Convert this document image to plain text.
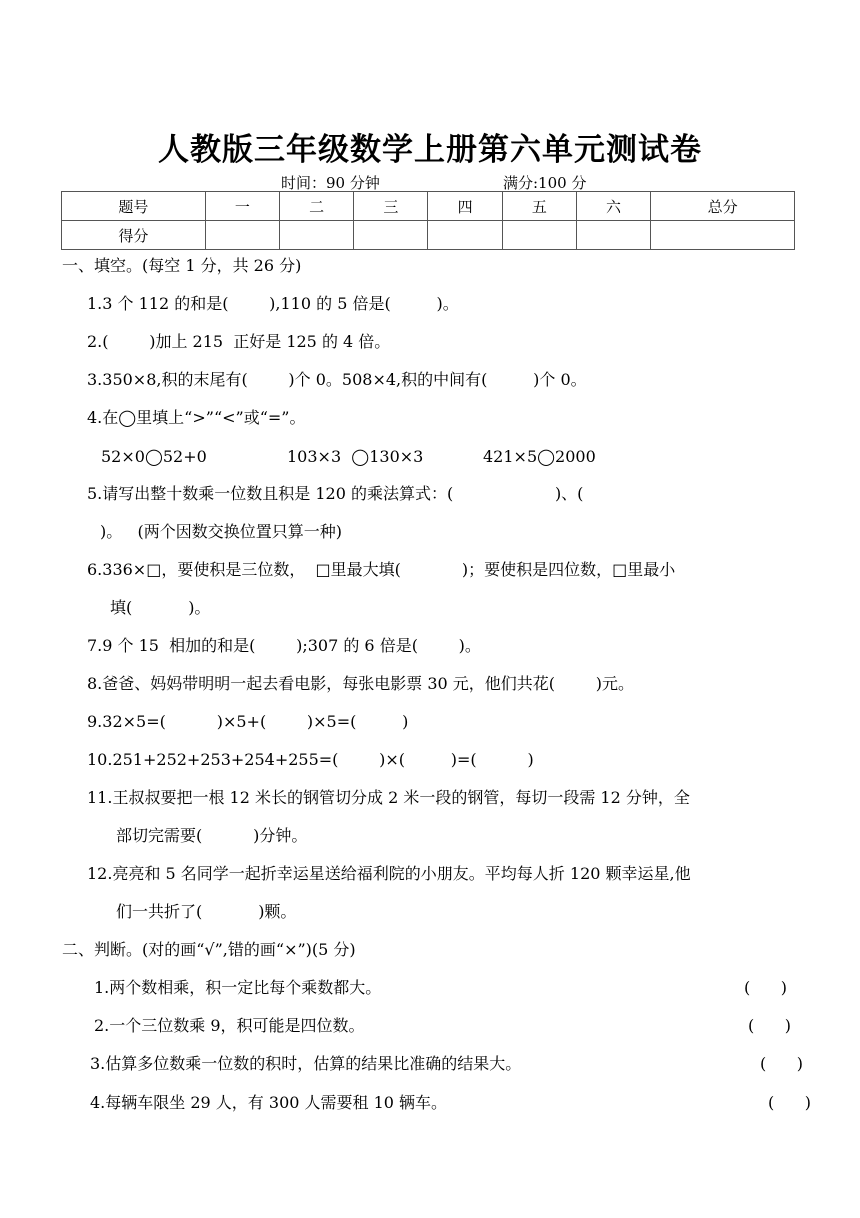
人教版三年级数学上册第六单元测试卷
时间：90 分钟	满分:100 分
题号	一	二	三	四	五	六	总分
得分							
一、填空。(每空 1 分，共 26 分)
1.3 个 112 的和是(        ),110 的 5 倍是(         )。
2.(        )加上 215  正好是 125 的 4 倍。
3.350×8,积的末尾有(        )个 0。508×4,积的中间有(         )个 0。
4.在◯里填上“>”“<”或“=”。
52×0◯52+0	103×3  ◯130×3	421×5◯2000
5.请写出整十数乘一位数且积是 120 的乘法算式：(                    )、(
)。   (两个因数交换位置只算一种)
6.336×□，要使积是三位数，  □里最大填(            )；要使积是四位数，□里最小
填(           )。
7.9 个 15  相加的和是(        );307 的 6 倍是(        )。
8.爸爸、妈妈带明明一起去看电影，每张电影票 30 元，他们共花(        )元。
9.32×5=(          )×5+(        )×5=(         )
10.251+252+253+254+255=(        )×(         )=(          )
11.王叔叔要把一根 12 米长的钢管切分成 2 米一段的钢管，每切一段需 12 分钟，全
部切完需要(          )分钟。
12.亮亮和 5 名同学一起折幸运星送给福利院的小朋友。平均每人折 120 颗幸运星,他
们一共折了(           )颗。
二、判断。(对的画“√”,错的画“×”)(5 分)
1.两个数相乘，积一定比每个乘数都大。	(      )
2.一个三位数乘 9，积可能是四位数。	(      )
3.估算多位数乘一位数的积时，估算的结果比准确的结果大。	(      )
4.每辆车限坐 29 人，有 300 人需要租 10 辆车。	(      )
